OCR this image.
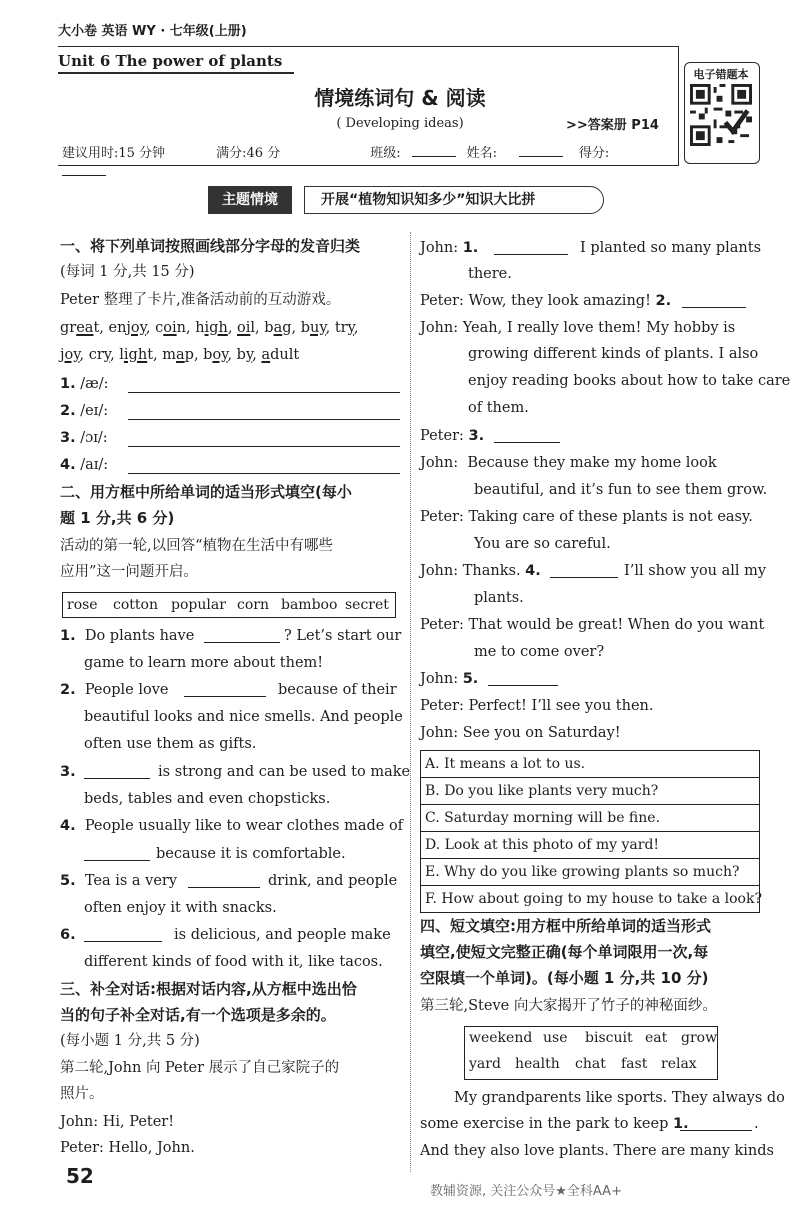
大小卷 英语 WY · 七年级(上册)
Unit 6 The power of plants
情境练词句 & 阅读
( Developing ideas)	>>答案册 P14
建议用时:15 分钟	满分:46 分	班级:	姓名:	得分:
电子错题本
主题情境	开展“植物知识知多少”知识大比拼
一、将下列单词按照画线部分字母的发音归类
(每词 1 分,共 15 分)
Peter 整理了卡片,准备活动前的互动游戏。
great, enjoy, coin, high, oil, bag, buy, try,
joy, cry, light, map, boy, by, adult
1. /æ/:
2. /eɪ/:
3. /ɔɪ/:
4. /aɪ/:
二、用方框中所给单词的适当形式填空(每小
题 1 分,共 6 分)
活动的第一轮,以回答“植物在生活中有哪些
应用”这一问题开启。
rose cotton popular corn bamboo secret
1. Do plants have	? Let’s start our
game to learn more about them!
2. People love	because of their
beautiful looks and nice smells. And people
often use them as gifts.
3.	is strong and can be used to make
beds, tables and even chopsticks.
4. People usually like to wear clothes made of
because it is comfortable.
5. Tea is a very	drink, and people
often enjoy it with snacks.
6.	is delicious, and people make
different kinds of food with it, like tacos.
三、补全对话:根据对话内容,从方框中选出恰
当的句子补全对话,有一个选项是多余的。
(每小题 1 分,共 5 分)
第二轮,John 向 Peter 展示了自己家院子的
照片。
John: Hi, Peter!
Peter: Hello, John.
John: 1.	I planted so many plants
there.
Peter: Wow, they look amazing! 2.
John: Yeah, I really love them! My hobby is
growing different kinds of plants. I also
enjoy reading books about how to take care
of them.
Peter: 3.
John: Because they make my home look
beautiful, and it’s fun to see them grow.
Peter: Taking care of these plants is not easy.
You are so careful.
John: Thanks. 4.	I’ll show you all my
plants.
Peter: That would be great! When do you want
me to come over?
John: 5.
Peter: Perfect! I’ll see you then.
John: See you on Saturday!
A. It means a lot to us.
B. Do you like plants very much?
C. Saturday morning will be fine.
D. Look at this photo of my yard!
E. Why do you like growing plants so much?
F. How about going to my house to take a look?
四、短文填空:用方框中所给单词的适当形式
填空,使短文完整正确(每个单词限用一次,每
空限填一个单词)。(每小题 1 分,共 10 分)
第三轮,Steve 向大家揭开了竹子的神秘面纱。
weekend use biscuit eat grow
yard health chat fast relax
My grandparents like sports. They always do
some exercise in the park to keep 1.	.
And they also love plants. There are many kinds
52
教辅资源, 关注公众号★全科AA+
